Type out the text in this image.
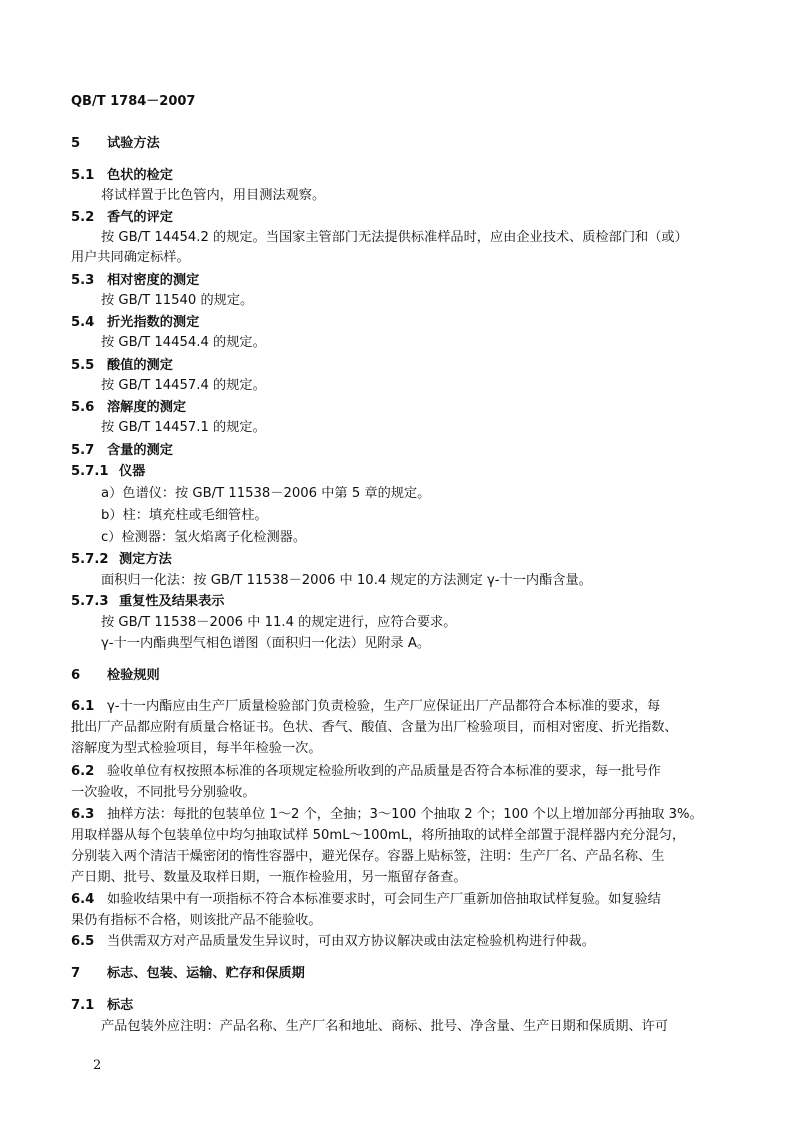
QB/T 1784－2007
5 试验方法
5.1 色状的检定
将试样置于比色管内，用目测法观察。
5.2 香气的评定
按 GB/T 14454.2 的规定。当国家主管部门无法提供标准样品时，应由企业技术、质检部门和（或）
用户共同确定标样。
5.3 相对密度的测定
按 GB/T 11540 的规定。
5.4 折光指数的测定
按 GB/T 14454.4 的规定。
5.5 酸值的测定
按 GB/T 14457.4 的规定。
5.6 溶解度的测定
按 GB/T 14457.1 的规定。
5.7 含量的测定
5.7.1 仪器
a）色谱仪：按 GB/T 11538－2006 中第 5 章的规定。
b）柱：填充柱或毛细管柱。
c）检测器：氢火焰离子化检测器。
5.7.2 测定方法
面积归一化法：按 GB/T 11538－2006 中 10.4 规定的方法测定 γ-十一内酯含量。
5.7.3 重复性及结果表示
按 GB/T 11538－2006 中 11.4 的规定进行，应符合要求。
γ-十一内酯典型气相色谱图（面积归一化法）见附录 A。
6 检验规则
6.1 γ-十一内酯应由生产厂质量检验部门负责检验，生产厂应保证出厂产品都符合本标准的要求，每
批出厂产品都应附有质量合格证书。色状、香气、酸值、含量为出厂检验项目，而相对密度、折光指数、
溶解度为型式检验项目，每半年检验一次。
6.2 验收单位有权按照本标准的各项规定检验所收到的产品质量是否符合本标准的要求，每一批号作
一次验收，不同批号分别验收。
6.3 抽样方法：每批的包装单位 1～2 个，全抽；3～100 个抽取 2 个；100 个以上增加部分再抽取 3%。
用取样器从每个包装单位中均匀抽取试样 50mL～100mL，将所抽取的试样全部置于混样器内充分混匀，
分别装入两个清洁干燥密闭的惰性容器中，避光保存。容器上贴标签，注明：生产厂名、产品名称、生
产日期、批号、数量及取样日期，一瓶作检验用，另一瓶留存备查。
6.4 如验收结果中有一项指标不符合本标准要求时，可会同生产厂重新加倍抽取试样复验。如复验结
果仍有指标不合格，则该批产品不能验收。
6.5 当供需双方对产品质量发生异议时，可由双方协议解决或由法定检验机构进行仲裁。
7 标志、包装、运输、贮存和保质期
7.1 标志
产品包装外应注明：产品名称、生产厂名和地址、商标、批号、净含量、生产日期和保质期、许可
2
